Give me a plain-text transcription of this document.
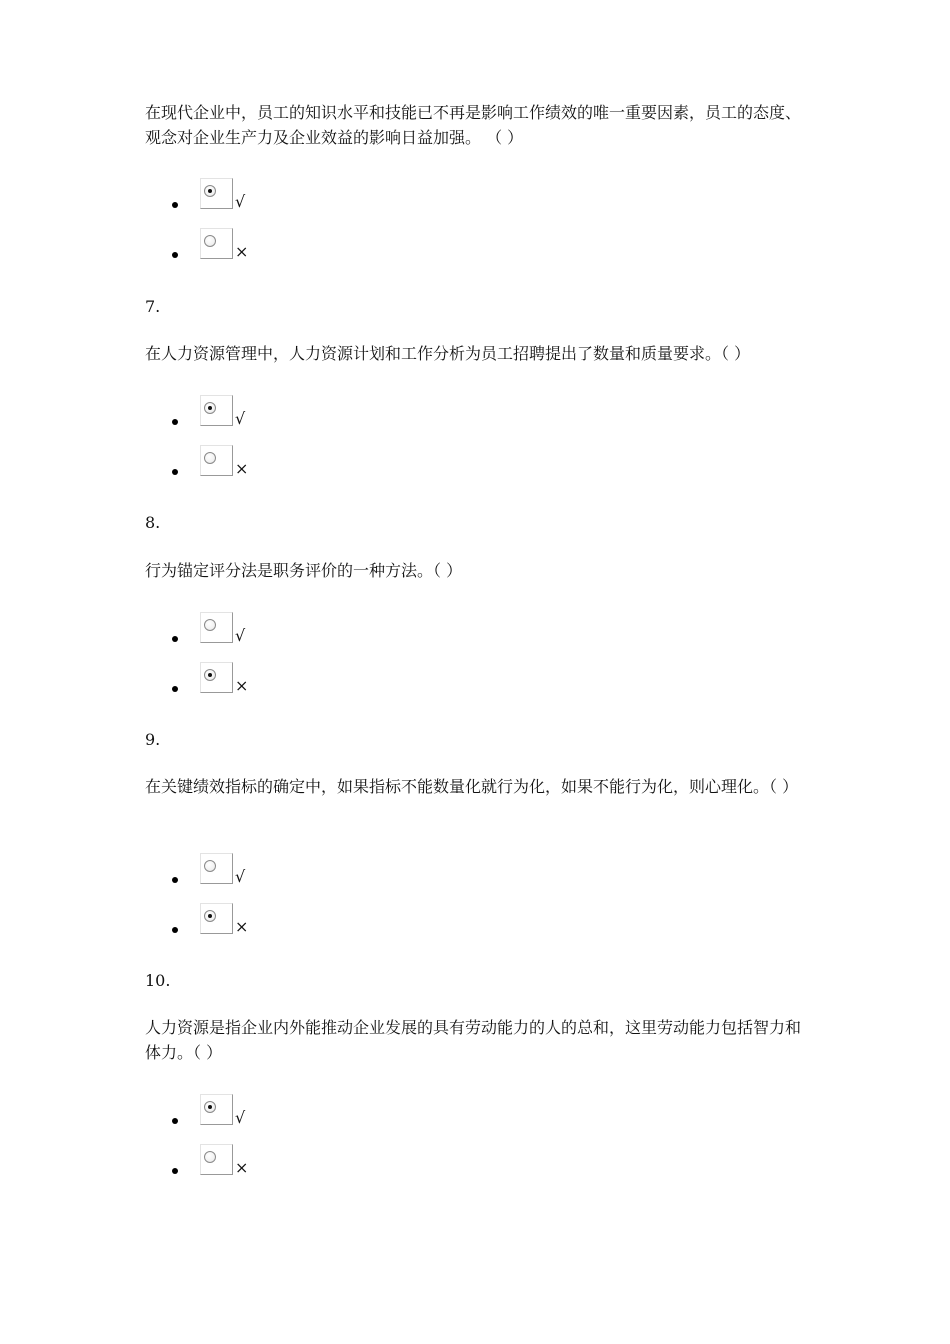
在现代企业中，员工的知识水平和技能已不再是影响工作绩效的唯一重要因素，员工的态度、观念对企业生产力及企业效益的影响日益加强。 （ ）

√
×

7.

在人力资源管理中，人力资源计划和工作分析为员工招聘提出了数量和质量要求。（ ）

√
×

8.

行为锚定评分法是职务评价的一种方法。（ ）

√
×

9.

在关键绩效指标的确定中，如果指标不能数量化就行为化，如果不能行为化，则心理化。（ ）

√
×

10.

人力资源是指企业内外能推动企业发展的具有劳动能力的人的总和，这里劳动能力包括智力和体力。（ ）

√
×
